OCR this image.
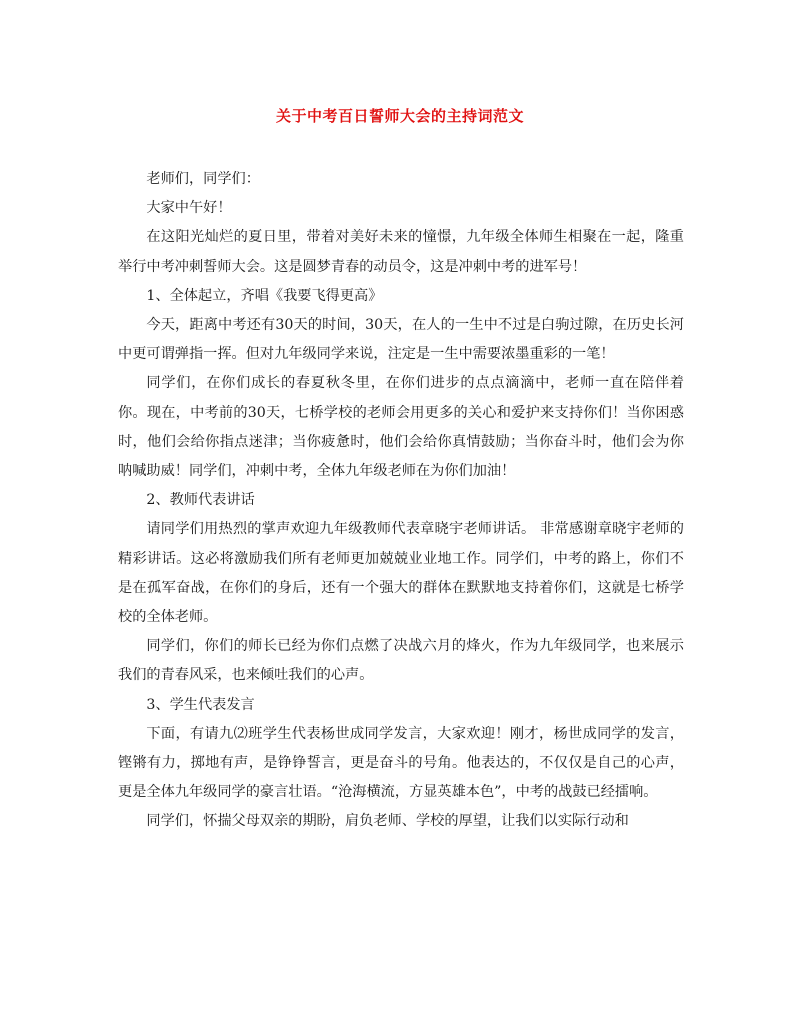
关于中考百日誓师大会的主持词范文

老师们，同学们：

大家中午好！

在这阳光灿烂的夏日里，带着对美好未来的憧憬，九年级全体师生相聚在一起，隆重举行中考冲刺誓师大会。这是圆梦青春的动员令，这是冲刺中考的进军号！

1、全体起立，齐唱《我要飞得更高》

今天，距离中考还有30天的时间，30天，在人的一生中不过是白驹过隙，在历史长河中更可谓弹指一挥。但对九年级同学来说，注定是一生中需要浓墨重彩的一笔！

同学们，在你们成长的春夏秋冬里，在你们进步的点点滴滴中，老师一直在陪伴着你。现在，中考前的30天，七桥学校的老师会用更多的关心和爱护来支持你们！当你困惑时，他们会给你指点迷津；当你疲惫时，他们会给你真情鼓励；当你奋斗时，他们会为你呐喊助威！同学们，冲刺中考，全体九年级老师在为你们加油！

2、教师代表讲话

请同学们用热烈的掌声欢迎九年级教师代表章晓宇老师讲话。 非常感谢章晓宇老师的精彩讲话。这必将激励我们所有老师更加兢兢业业地工作。同学们，中考的路上，你们不是在孤军奋战，在你们的身后，还有一个强大的群体在默默地支持着你们，这就是七桥学校的全体老师。

同学们，你们的师长已经为你们点燃了决战六月的烽火，作为九年级同学，也来展示我们的青春风采，也来倾吐我们的心声。

3、学生代表发言

下面，有请九⑵班学生代表杨世成同学发言，大家欢迎！刚才，杨世成同学的发言，铿锵有力，掷地有声，是铮铮誓言，更是奋斗的号角。他表达的，不仅仅是自己的心声，更是全体九年级同学的豪言壮语。“沧海横流，方显英雄本色”，中考的战鼓已经擂响。

同学们，怀揣父母双亲的期盼，肩负老师、学校的厚望，让我们以实际行动和
